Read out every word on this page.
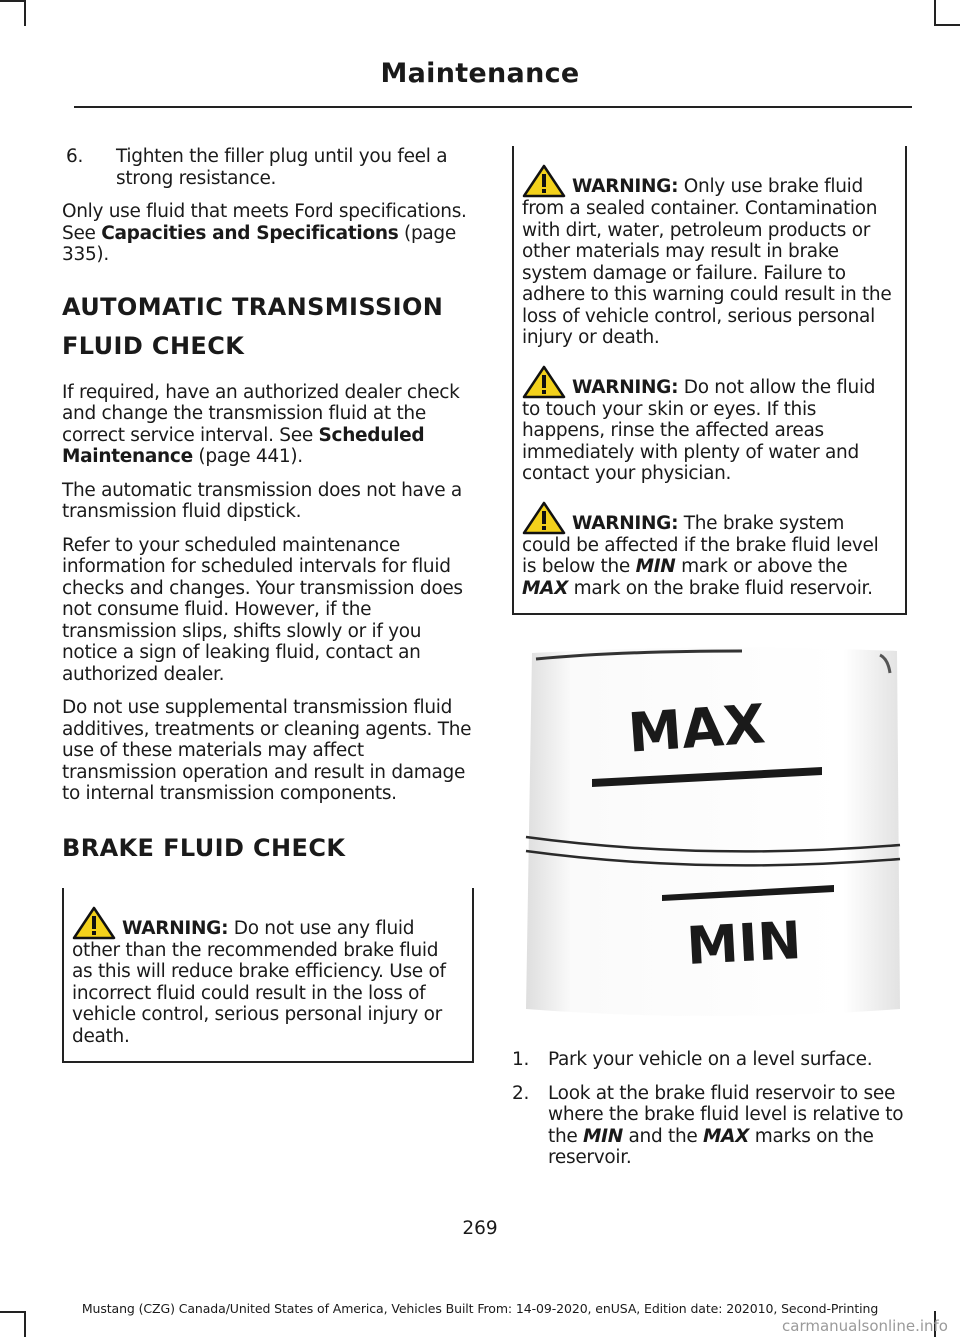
Maintenance
6. Tighten the filler plug until you feel a strong resistance.

Only use fluid that meets Ford specifications. See Capacities and Specifications (page 335).

AUTOMATIC TRANSMISSION
FLUID CHECK

If required, have an authorized dealer check and change the transmission fluid at the correct service interval. See Scheduled Maintenance (page 441).

The automatic transmission does not have a transmission fluid dipstick.

Refer to your scheduled maintenance information for scheduled intervals for fluid checks and changes. Your transmission does not consume fluid. However, if the transmission slips, shifts slowly or if you notice a sign of leaking fluid, contact an authorized dealer.

Do not use supplemental transmission fluid additives, treatments or cleaning agents. The use of these materials may affect transmission operation and result in damage to internal transmission components.

BRAKE FLUID CHECK
WARNING: Do not use any fluid other than the recommended brake fluid as this will reduce brake efficiency. Use of incorrect fluid could result in the loss of vehicle control, serious personal injury or death.
WARNING: Only use brake fluid from a sealed container. Contamination with dirt, water, petroleum products or other materials may result in brake system damage or failure. Failure to adhere to this warning could result in the loss of vehicle control, serious personal injury or death.
WARNING: Do not allow the fluid to touch your skin or eyes. If this happens, rinse the affected areas immediately with plenty of water and contact your physician.
WARNING: The brake system could be affected if the brake fluid level is below the MIN mark or above the MAX mark on the brake fluid reservoir.
MAX
MIN
1. Park your vehicle on a level surface.
2. Look at the brake fluid reservoir to see where the brake fluid level is relative to the MIN and the MAX marks on the reservoir.
269
Mustang (CZG) Canada/United States of America, Vehicles Built From: 14-09-2020, enUSA, Edition date: 202010, Second-Printing
carmanualsonline.info
